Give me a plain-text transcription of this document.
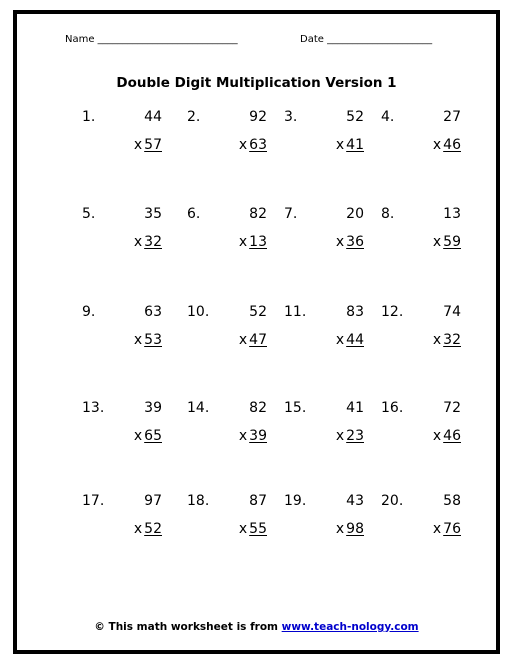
Name ____________________________	Date _____________________
Double Digit Multiplication Version 1
1.	44
x 57
2.	92
x 63
3.	52
x 41
4.	27
x 46
5.	35
x 32
6.	82
x 13
7.	20
x 36
8.	13
x 59
9.	63
x 53
10.	52
x 47
11.	83
x 44
12.	74
x 32
13.	39
x 65
14.	82
x 39
15.	41
x 23
16.	72
x 46
17.	97
x 52
18.	87
x 55
19.	43
x 98
20.	58
x 76
© This math worksheet is from www.teach-nology.com
